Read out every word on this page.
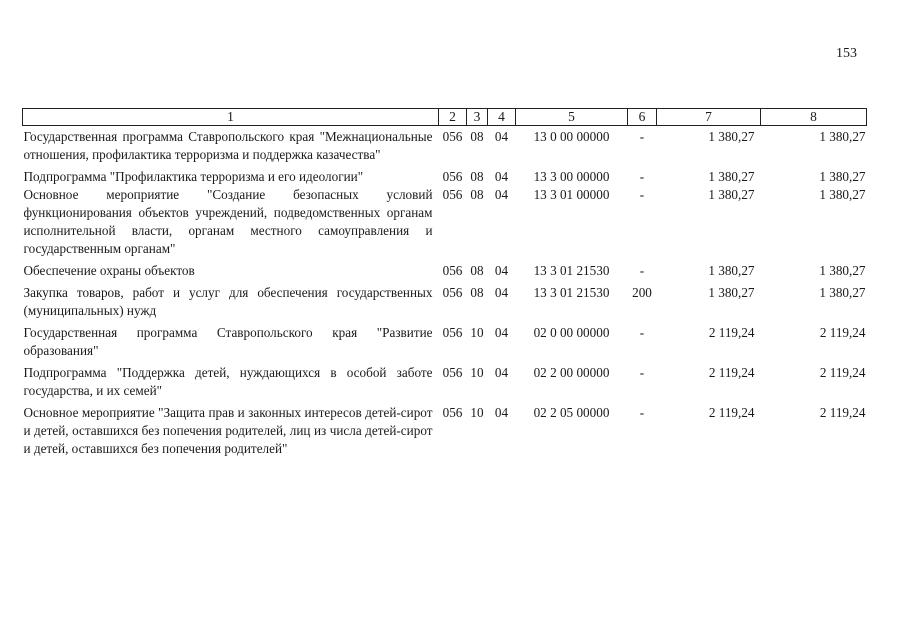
153
1	2	3	4	5	6	7	8
Государственная программа Ставропольского края "Межнациональные отношения, профилактика терроризма и поддержка казачества"	056	08	04	13 0 00 00000	-	1 380,27	1 380,27
Подпрограмма "Профилактика терроризма и его идеологии"	056	08	04	13 3 00 00000	-	1 380,27	1 380,27
Основное мероприятие "Создание безопасных условий функционирования объектов учреждений, подведомственных органам исполнительной власти, органам местного самоуправления и государственным органам"	056	08	04	13 3 01 00000	-	1 380,27	1 380,27
Обеспечение охраны объектов	056	08	04	13 3 01 21530	-	1 380,27	1 380,27
Закупка товаров, работ и услуг для обеспечения государственных (муниципальных) нужд	056	08	04	13 3 01 21530	200	1 380,27	1 380,27
Государственная программа Ставропольского края "Развитие образования"	056	10	04	02 0 00 00000	-	2 119,24	2 119,24
Подпрограмма "Поддержка детей, нуждающихся в особой заботе государства, и их семей"	056	10	04	02 2 00 00000	-	2 119,24	2 119,24
Основное мероприятие "Защита прав и законных интересов детей-сирот и детей, оставшихся без попечения родителей, лиц из числа детей-сирот и детей, оставшихся без попечения родителей"	056	10	04	02 2 05 00000	-	2 119,24	2 119,24
